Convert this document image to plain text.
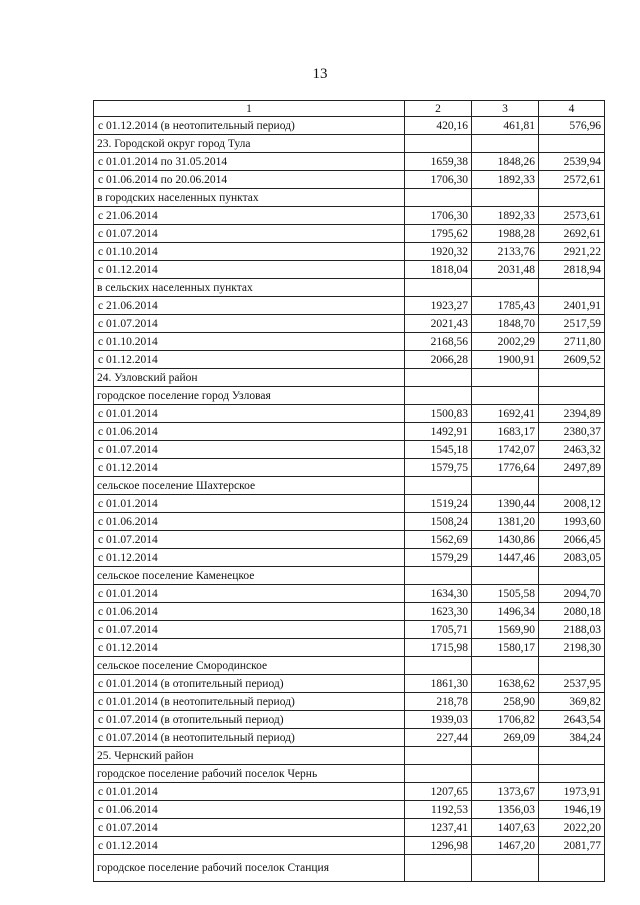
13
1	2	3	4
с 01.12.2014 (в неотопительный период)	420,16	461,81	576,96
23. Городской округ город Тула			
с 01.01.2014 по 31.05.2014	1659,38	1848,26	2539,94
с 01.06.2014 по 20.06.2014	1706,30	1892,33	2572,61
в городских населенных пунктах			
с 21.06.2014	1706,30	1892,33	2573,61
с 01.07.2014	1795,62	1988,28	2692,61
с 01.10.2014	1920,32	2133,76	2921,22
с 01.12.2014	1818,04	2031,48	2818,94
в сельских населенных пунктах			
с 21.06.2014	1923,27	1785,43	2401,91
с 01.07.2014	2021,43	1848,70	2517,59
с 01.10.2014	2168,56	2002,29	2711,80
с 01.12.2014	2066,28	1900,91	2609,52
24. Узловский район			
городское поселение город Узловая			
с 01.01.2014	1500,83	1692,41	2394,89
с 01.06.2014	1492,91	1683,17	2380,37
с 01.07.2014	1545,18	1742,07	2463,32
с 01.12.2014	1579,75	1776,64	2497,89
сельское поселение Шахтерское			
с 01.01.2014	1519,24	1390,44	2008,12
с 01.06.2014	1508,24	1381,20	1993,60
с 01.07.2014	1562,69	1430,86	2066,45
с 01.12.2014	1579,29	1447,46	2083,05
сельское поселение Каменецкое			
с 01.01.2014	1634,30	1505,58	2094,70
с 01.06.2014	1623,30	1496,34	2080,18
с 01.07.2014	1705,71	1569,90	2188,03
с 01.12.2014	1715,98	1580,17	2198,30
сельское поселение Смородинское			
с 01.01.2014 (в отопительный период)	1861,30	1638,62	2537,95
с 01.01.2014 (в неотопительный период)	218,78	258,90	369,82
с 01.07.2014 (в отопительный период)	1939,03	1706,82	2643,54
с 01.07.2014 (в неотопительный период)	227,44	269,09	384,24
25. Чернский район			
городское поселение рабочий поселок Чернь			
с 01.01.2014	1207,65	1373,67	1973,91
с 01.06.2014	1192,53	1356,03	1946,19
с 01.07.2014	1237,41	1407,63	2022,20
с 01.12.2014	1296,98	1467,20	2081,77
городское поселение рабочий поселок Станция			
